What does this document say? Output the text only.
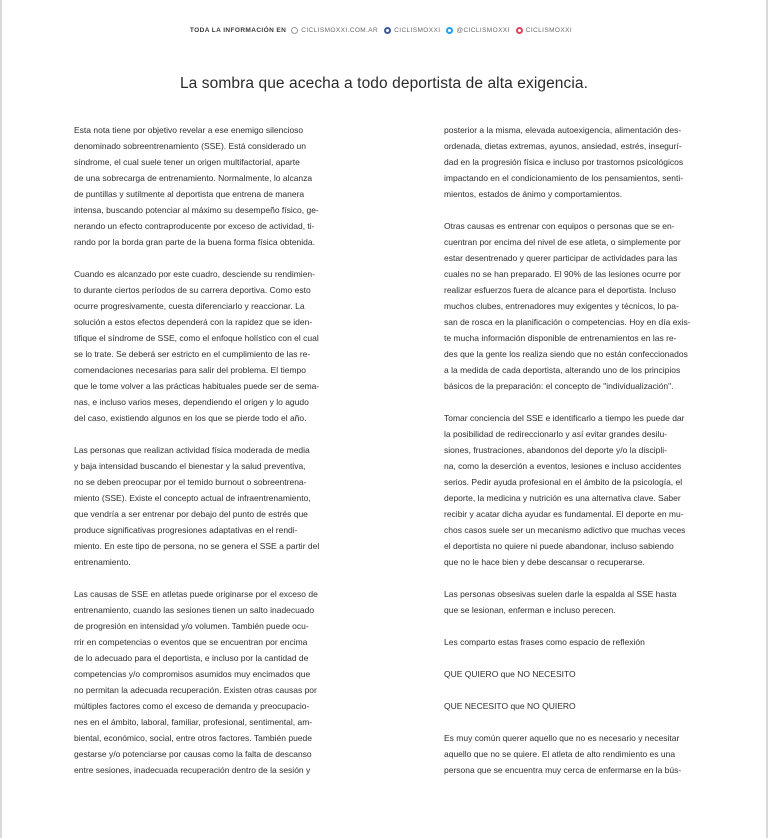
TODA LA INFORMACIÓN EN CICLISMOXXI.COM.AR CICLISMOXXI @CICLISMOXXI CICLISMOXXI
La sombra que acecha a todo deportista de alta exigencia.

Esta nota tiene por objetivo revelar a ese enemigo silencioso
denominado sobreentrenamiento (SSE). Está considerado un
síndrome, el cual suele tener un origen multifactorial, aparte
de una sobrecarga de entrenamiento. Normalmente, lo alcanza
de puntillas y sutilmente al deportista que entrena de manera
intensa, buscando potenciar al máximo su desempeño físico, ge-
nerando un efecto contraproducente por exceso de actividad, ti-
rando por la borda gran parte de la buena forma física obtenida.

Cuando es alcanzado por este cuadro, desciende su rendimien-
to durante ciertos períodos de su carrera deportiva. Como esto
ocurre progresivamente, cuesta diferenciarlo y reaccionar. La
solución a estos efectos dependerá con la rapidez que se iden-
tifique el síndrome de SSE, como el enfoque holístico con el cual
se lo trate. Se deberá ser estricto en el cumplimiento de las re-
comendaciones necesarias para salir del problema. El tiempo
que le tome volver a las prácticas habituales puede ser de sema-
nas, e incluso varios meses, dependiendo el origen y lo agudo
del caso, existiendo algunos en los que se pierde todo el año.

Las personas que realizan actividad física moderada de media
y baja intensidad buscando el bienestar y la salud preventiva,
no se deben preocupar por el temido burnout o sobreentrena-
miento (SSE). Existe el concepto actual de infraentrenamiento,
que vendría a ser entrenar por debajo del punto de estrés que
produce significativas progresiones adaptativas en el rendi-
miento. En este tipo de persona, no se genera el SSE a partir del
entrenamiento.

Las causas de SSE en atletas puede originarse por el exceso de
entrenamiento, cuando las sesiones tienen un salto inadecuado
de progresión en intensidad y/o volumen. También puede ocu-
rrir en competencias o eventos que se encuentran por encima
de lo adecuado para el deportista, e incluso por la cantidad de
competencias y/o compromisos asumidos muy encimados que
no permitan la adecuada recuperación. Existen otras causas por
múltiples factores como el exceso de demanda y preocupacio-
nes en el ámbito, laboral, familiar, profesional, sentimental, am-
biental, económico, social, entre otros factores. También puede
gestarse y/o potenciarse por causas como la falta de descanso
entre sesiones, inadecuada recuperación dentro de la sesión y

posterior a la misma, elevada autoexigencia, alimentación des-
ordenada, dietas extremas, ayunos, ansiedad, estrés, insegurí-
dad en la progresión física e incluso por trastornos psicológicos
impactando en el condicionamiento de los pensamientos, senti-
mientos, estados de ánimo y comportamientos.

Otras causas es entrenar con equipos o personas que se en-
cuentran por encima del nivel de ese atleta, o simplemente por
estar desentrenado y querer participar de actividades para las
cuales no se han preparado. El 90% de las lesiones ocurre por
realizar esfuerzos fuera de alcance para el deportista. Incluso
muchos clubes, entrenadores muy exigentes y técnicos, lo pa-
san de rosca en la planificación o competencias. Hoy en día exis-
te mucha información disponible de entrenamientos en las re-
des que la gente los realiza siendo que no están confeccionados
a la medida de cada deportista, alterando uno de los principios
básicos de la preparación: el concepto de "individualización".

Tomar conciencia del SSE e identificarlo a tiempo les puede dar
la posibilidad de redireccionarlo y así evitar grandes desilu-
siones, frustraciones, abandonos del deporte y/o la discipli-
na, como la deserción a eventos, lesiones e incluso accidentes
serios. Pedir ayuda profesional en el ámbito de la psicología, el
deporte, la medicina y nutrición es una alternativa clave. Saber
recibir y acatar dicha ayudar es fundamental. El deporte en mu-
chos casos suele ser un mecanismo adictivo que muchas veces
el deportista no quiere ni puede abandonar, incluso sabiendo
que no le hace bien y debe descansar o recuperarse.

Las personas obsesivas suelen darle la espalda al SSE hasta
que se lesionan, enferman e incluso perecen.

Les comparto estas frases como espacio de reflexión

QUE QUIERO que NO NECESITO

QUE NECESITO que NO QUIERO

Es muy común querer aquello que no es necesario y necesitar
aquello que no se quiere. El atleta de alto rendimiento es una
persona que se encuentra muy cerca de enfermarse en la bús-
